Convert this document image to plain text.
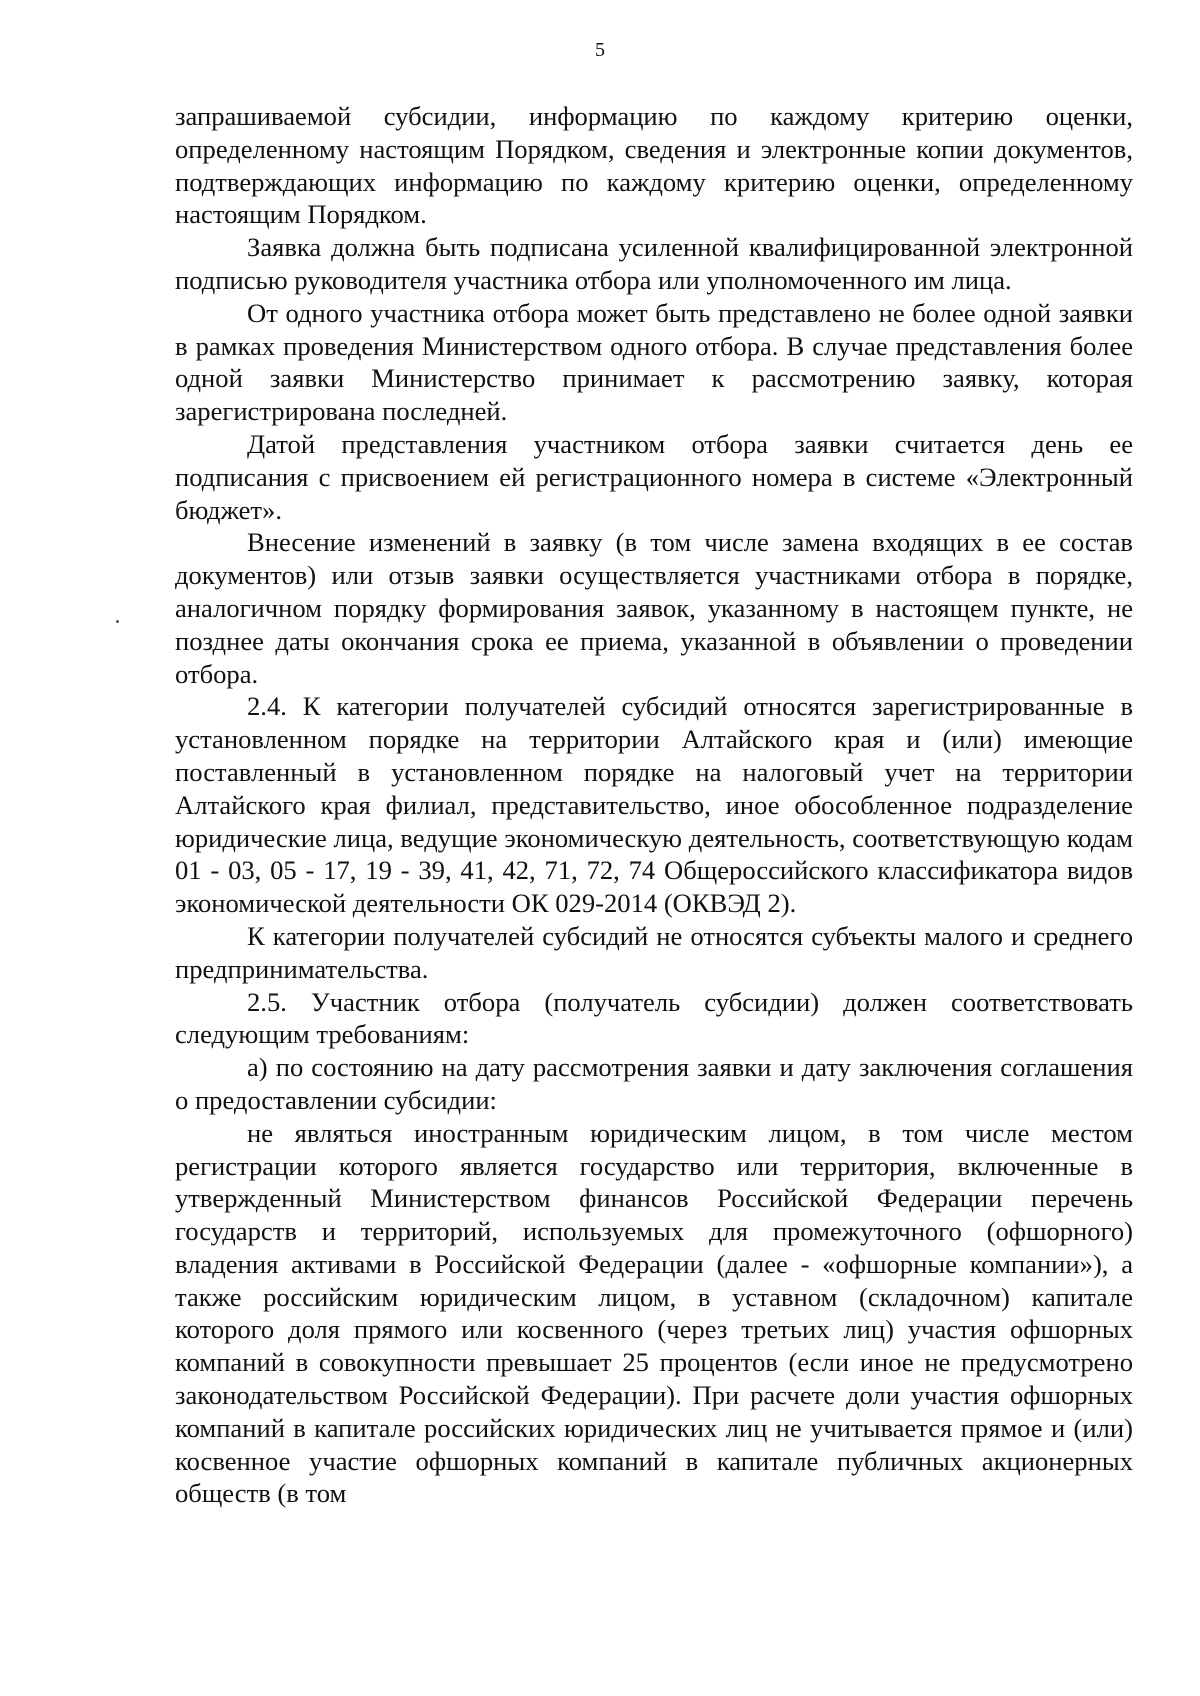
5

запрашиваемой субсидии, информацию по каждому критерию оценки, определенному настоящим Порядком, сведения и электронные копии документов, подтверждающих информацию по каждому критерию оценки, определенному настоящим Порядком.

Заявка должна быть подписана усиленной квалифицированной электронной подписью руководителя участника отбора или уполномоченного им лица.

От одного участника отбора может быть представлено не более одной заявки в рамках проведения Министерством одного отбора. В случае представления более одной заявки Министерство принимает к рассмотрению заявку, которая зарегистрирована последней.

Датой представления участником отбора заявки считается день ее подписания с присвоением ей регистрационного номера в системе «Электронный бюджет».

Внесение изменений в заявку (в том числе замена входящих в ее состав документов) или отзыв заявки осуществляется участниками отбора в порядке, аналогичном порядку формирования заявок, указанному в настоящем пункте, не позднее даты окончания срока ее приема, указанной в объявлении о проведении отбора.

2.4. К категории получателей субсидий относятся зарегистрированные в установленном порядке на территории Алтайского края и (или) имеющие поставленный в установленном порядке на налоговый учет на территории Алтайского края филиал, представительство, иное обособленное подразделение юридические лица, ведущие экономическую деятельность, соответствующую кодам 01 - 03, 05 - 17, 19 - 39, 41, 42, 71, 72, 74 Общероссийского классификатора видов экономической деятельности ОК 029-2014 (ОКВЭД 2).

К категории получателей субсидий не относятся субъекты малого и среднего предпринимательства.

2.5. Участник отбора (получатель субсидии) должен соответствовать следующим требованиям:

а) по состоянию на дату рассмотрения заявки и дату заключения соглашения о предоставлении субсидии:

не являться иностранным юридическим лицом, в том числе местом регистрации которого является государство или территория, включенные в утвержденный Министерством финансов Российской Федерации перечень государств и территорий, используемых для промежуточного (офшорного) владения активами в Российской Федерации (далее - «офшорные компании»), а также российским юридическим лицом, в уставном (складочном) капитале которого доля прямого или косвенного (через третьих лиц) участия офшорных компаний в совокупности превышает 25 процентов (если иное не предусмотрено законодательством Российской Федерации). При расчете доли участия офшорных компаний в капитале российских юридических лиц не учитывается прямое и (или) косвенное участие офшорных компаний в капитале публичных акционерных обществ (в том
